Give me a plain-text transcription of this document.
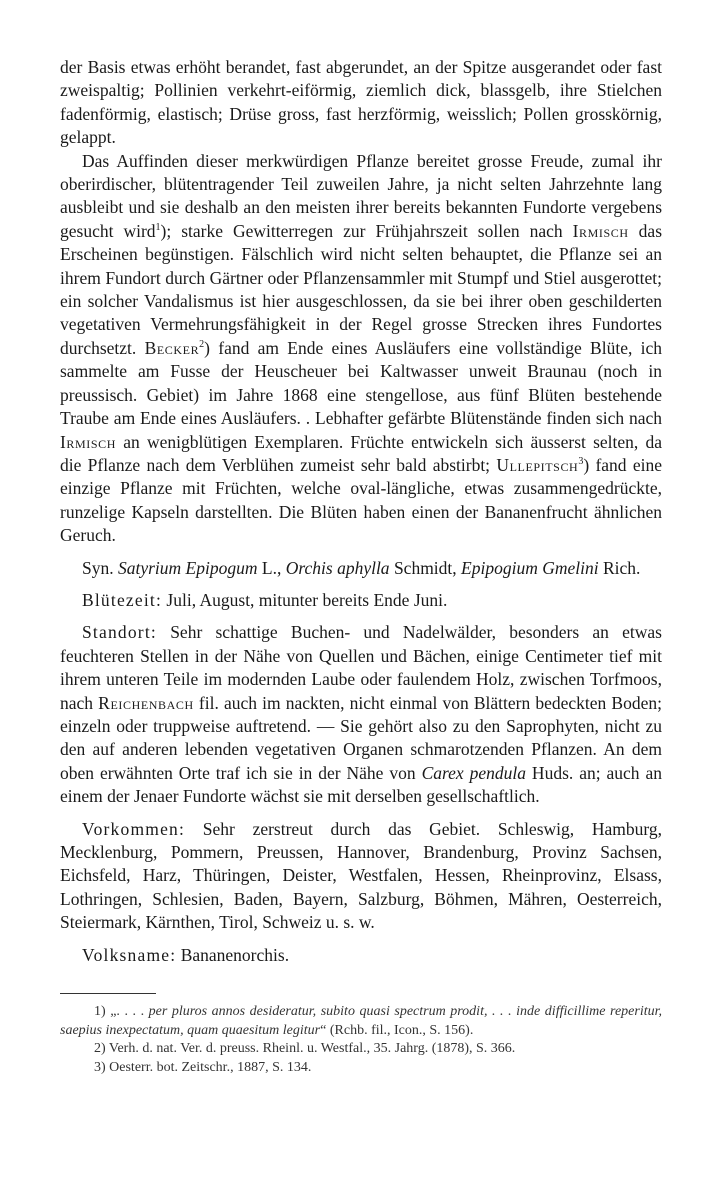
der Basis etwas erhöht berandet, fast abgerundet, an der Spitze ausgerandet oder fast zweispaltig; Pollinien verkehrt-eiförmig, ziemlich dick, blassgelb, ihre Stielchen fadenförmig, elastisch; Drüse gross, fast herzförmig, weisslich; Pollen grosskörnig, gelappt.

Das Auffinden dieser merkwürdigen Pflanze bereitet grosse Freude, zumal ihr oberirdischer, blütentragender Teil zuweilen Jahre, ja nicht selten Jahrzehnte lang ausbleibt und sie deshalb an den meisten ihrer bereits bekannten Fundorte vergebens gesucht wird$^1$); starke Gewitterregen zur Frühjahrszeit sollen nach Irmisch das Erscheinen begünstigen. Fälschlich wird nicht selten behauptet, die Pflanze sei an ihrem Fundort durch Gärtner oder Pflanzensammler mit Stumpf und Stiel ausgerottet; ein solcher Vandalismus ist hier ausgeschlossen, da sie bei ihrer oben geschilderten vegetativen Vermehrungsfähigkeit in der Regel grosse Strecken ihres Fundortes durchsetzt. Becker$^2$) fand am Ende eines Ausläufers eine vollständige Blüte, ich sammelte am Fusse der Heuscheuer bei Kaltwasser unweit Braunau (noch in preussisch. Gebiet) im Jahre 1868 eine stengellose, aus fünf Blüten bestehende Traube am Ende eines Ausläufers. . Lebhafter gefärbte Blütenstände finden sich nach Irmisch an wenigblütigen Exemplaren. Früchte entwickeln sich äusserst selten, da die Pflanze nach dem Verblühen zumeist sehr bald abstirbt; Ullepitsch$^3$) fand eine einzige Pflanze mit Früchten, welche oval-längliche, etwas zusammengedrückte, runzelige Kapseln darstellten. Die Blüten haben einen der Bananenfrucht ähnlichen Geruch.

Syn. Satyrium Epipogum L., Orchis aphylla Schmidt, Epipogium Gmelini Rich.

Blütezeit: Juli, August, mitunter bereits Ende Juni.

Standort: Sehr schattige Buchen- und Nadelwälder, besonders an etwas feuchteren Stellen in der Nähe von Quellen und Bächen, einige Centimeter tief mit ihrem unteren Teile im modernden Laube oder faulendem Holz, zwischen Torfmoos, nach Reichenbach fil. auch im nackten, nicht einmal von Blättern bedeckten Boden; einzeln oder truppweise auftretend. — Sie gehört also zu den Saprophyten, nicht zu den auf anderen lebenden vegetativen Organen schmarotzenden Pflanzen. An dem oben erwähnten Orte traf ich sie in der Nähe von Carex pendula Huds. an; auch an einem der Jenaer Fundorte wächst sie mit derselben gesellschaftlich.

Vorkommen: Sehr zerstreut durch das Gebiet. Schleswig, Hamburg, Mecklenburg, Pommern, Preussen, Hannover, Brandenburg, Provinz Sachsen, Eichsfeld, Harz, Thüringen, Deister, Westfalen, Hessen, Rheinprovinz, Elsass, Lothringen, Schlesien, Baden, Bayern, Salzburg, Böhmen, Mähren, Oesterreich, Steiermark, Kärnthen, Tirol, Schweiz u. s. w.

Volksname: Bananenorchis.

1) „. . . . per pluros annos desideratur, subito quasi spectrum prodit, . . . inde difficillime reperitur, saepius inexpectatum, quam quaesitum legitur“ (Rchb. fil., Icon., S. 156).

2) Verh. d. nat. Ver. d. preuss. Rheinl. u. Westfal., 35. Jahrg. (1878), S. 366.

3) Oesterr. bot. Zeitschr., 1887, S. 134.
